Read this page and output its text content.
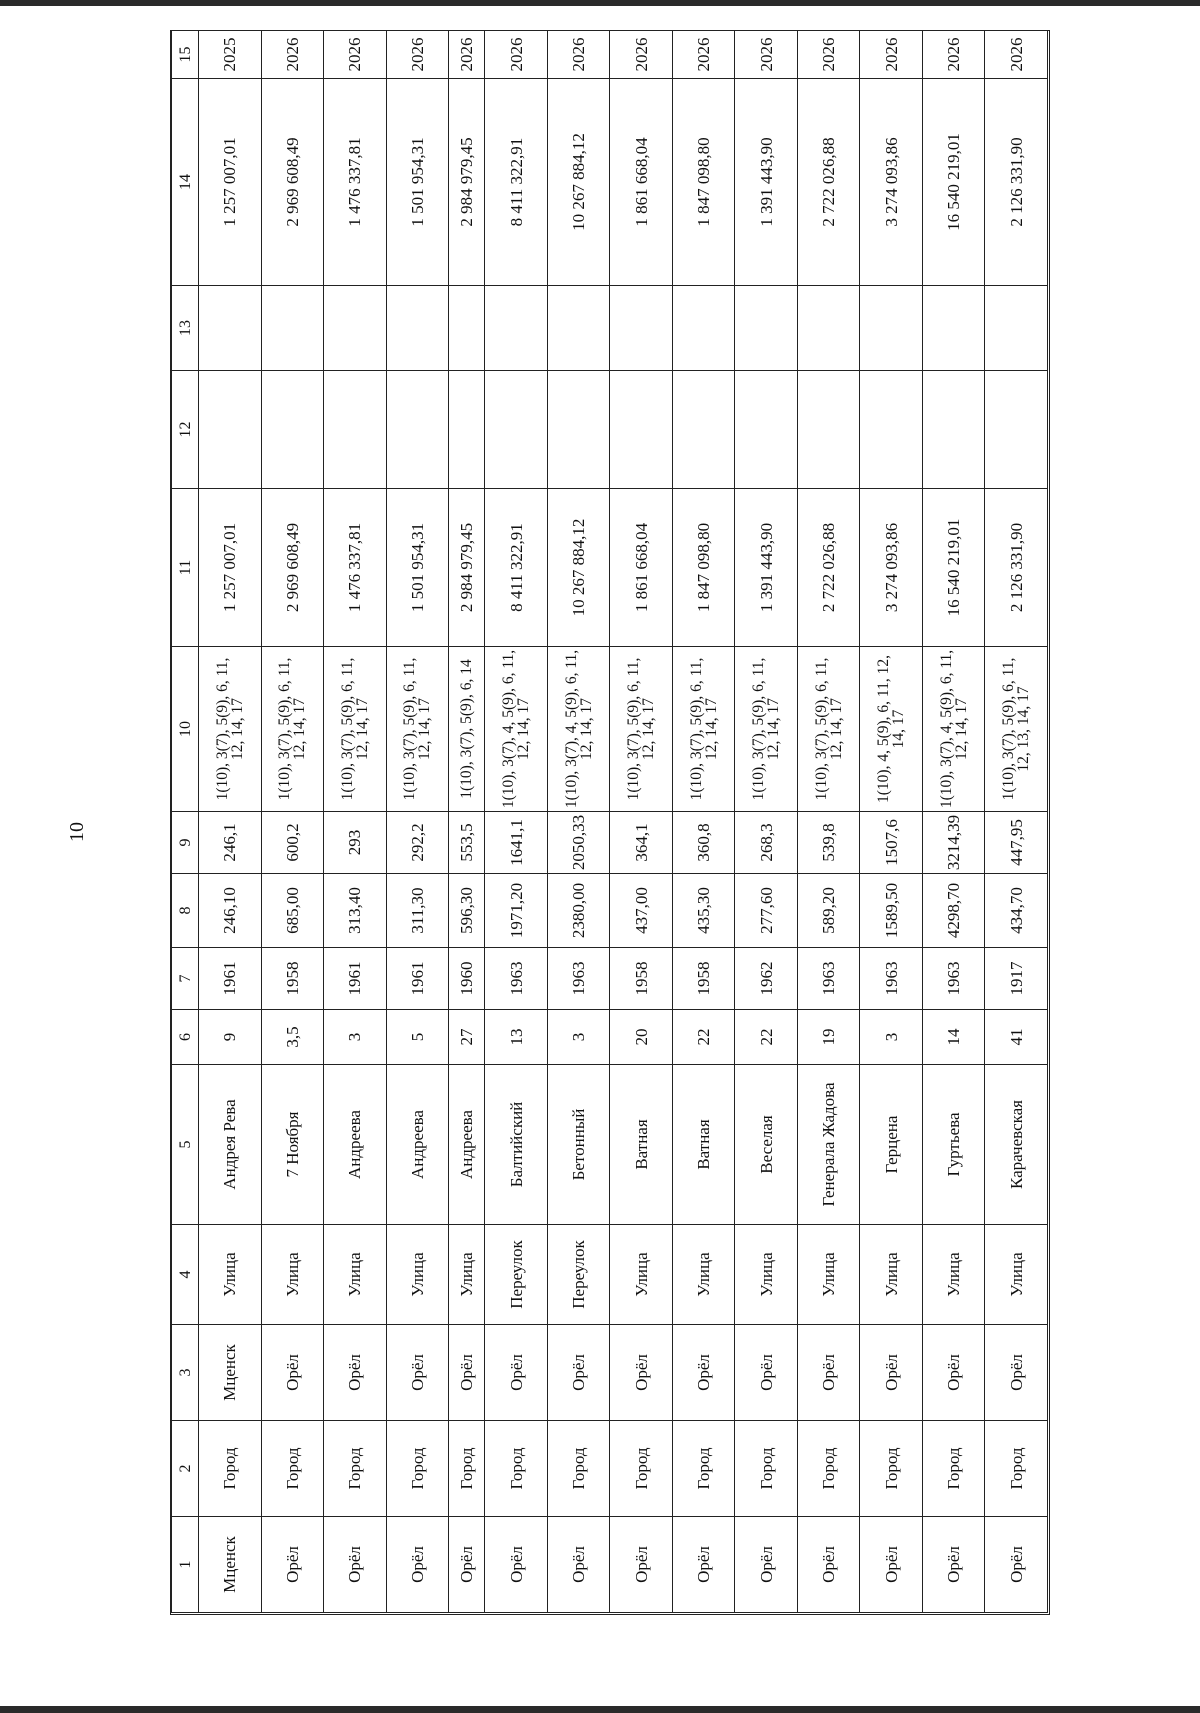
10
1	2	3	4	5	6	7	8	9	10	11	12	13	14	15
Мценск	Город	Мценск	Улица	Андрея Рева	9	1961	246,10	246,1	1(10), 3(7), 5(9), 6, 11, 12, 14, 17	1 257 007,01			1 257 007,01	2025
Орёл	Город	Орёл	Улица	7 Ноября	3,5	1958	685,00	600,2	1(10), 3(7), 5(9), 6, 11, 12, 14, 17	2 969 608,49			2 969 608,49	2026
Орёл	Город	Орёл	Улица	Андреева	3	1961	313,40	293	1(10), 3(7), 5(9), 6, 11, 12, 14, 17	1 476 337,81			1 476 337,81	2026
Орёл	Город	Орёл	Улица	Андреева	5	1961	311,30	292,2	1(10), 3(7), 5(9), 6, 11, 12, 14, 17	1 501 954,31			1 501 954,31	2026
Орёл	Город	Орёл	Улица	Андреева	27	1960	596,30	553,5	1(10), 3(7), 5(9), 6, 14	2 984 979,45			2 984 979,45	2026
Орёл	Город	Орёл	Переулок	Балтийский	13	1963	1971,20	1641,1	1(10), 3(7), 4, 5(9), 6, 11, 12, 14, 17	8 411 322,91			8 411 322,91	2026
Орёл	Город	Орёл	Переулок	Бетонный	3	1963	2380,00	2050,33	1(10), 3(7), 4, 5(9), 6, 11, 12, 14, 17	10 267 884,12			10 267 884,12	2026
Орёл	Город	Орёл	Улица	Ватная	20	1958	437,00	364,1	1(10), 3(7), 5(9), 6, 11, 12, 14, 17	1 861 668,04			1 861 668,04	2026
Орёл	Город	Орёл	Улица	Ватная	22	1958	435,30	360,8	1(10), 3(7), 5(9), 6, 11, 12, 14, 17	1 847 098,80			1 847 098,80	2026
Орёл	Город	Орёл	Улица	Веселая	22	1962	277,60	268,3	1(10), 3(7), 5(9), 6, 11, 12, 14, 17	1 391 443,90			1 391 443,90	2026
Орёл	Город	Орёл	Улица	Генерала Жадова	19	1963	589,20	539,8	1(10), 3(7), 5(9), 6, 11, 12, 14, 17	2 722 026,88			2 722 026,88	2026
Орёл	Город	Орёл	Улица	Герцена	3	1963	1589,50	1507,6	1(10), 4, 5(9), 6, 11, 12, 14, 17	3 274 093,86			3 274 093,86	2026
Орёл	Город	Орёл	Улица	Гуртьева	14	1963	4298,70	3214,39	1(10), 3(7), 4, 5(9), 6, 11, 12, 14, 17	16 540 219,01			16 540 219,01	2026
Орёл	Город	Орёл	Улица	Карачевская	41	1917	434,70	447,95	1(10), 3(7), 5(9), 6, 11, 12, 13, 14, 17	2 126 331,90			2 126 331,90	2026
